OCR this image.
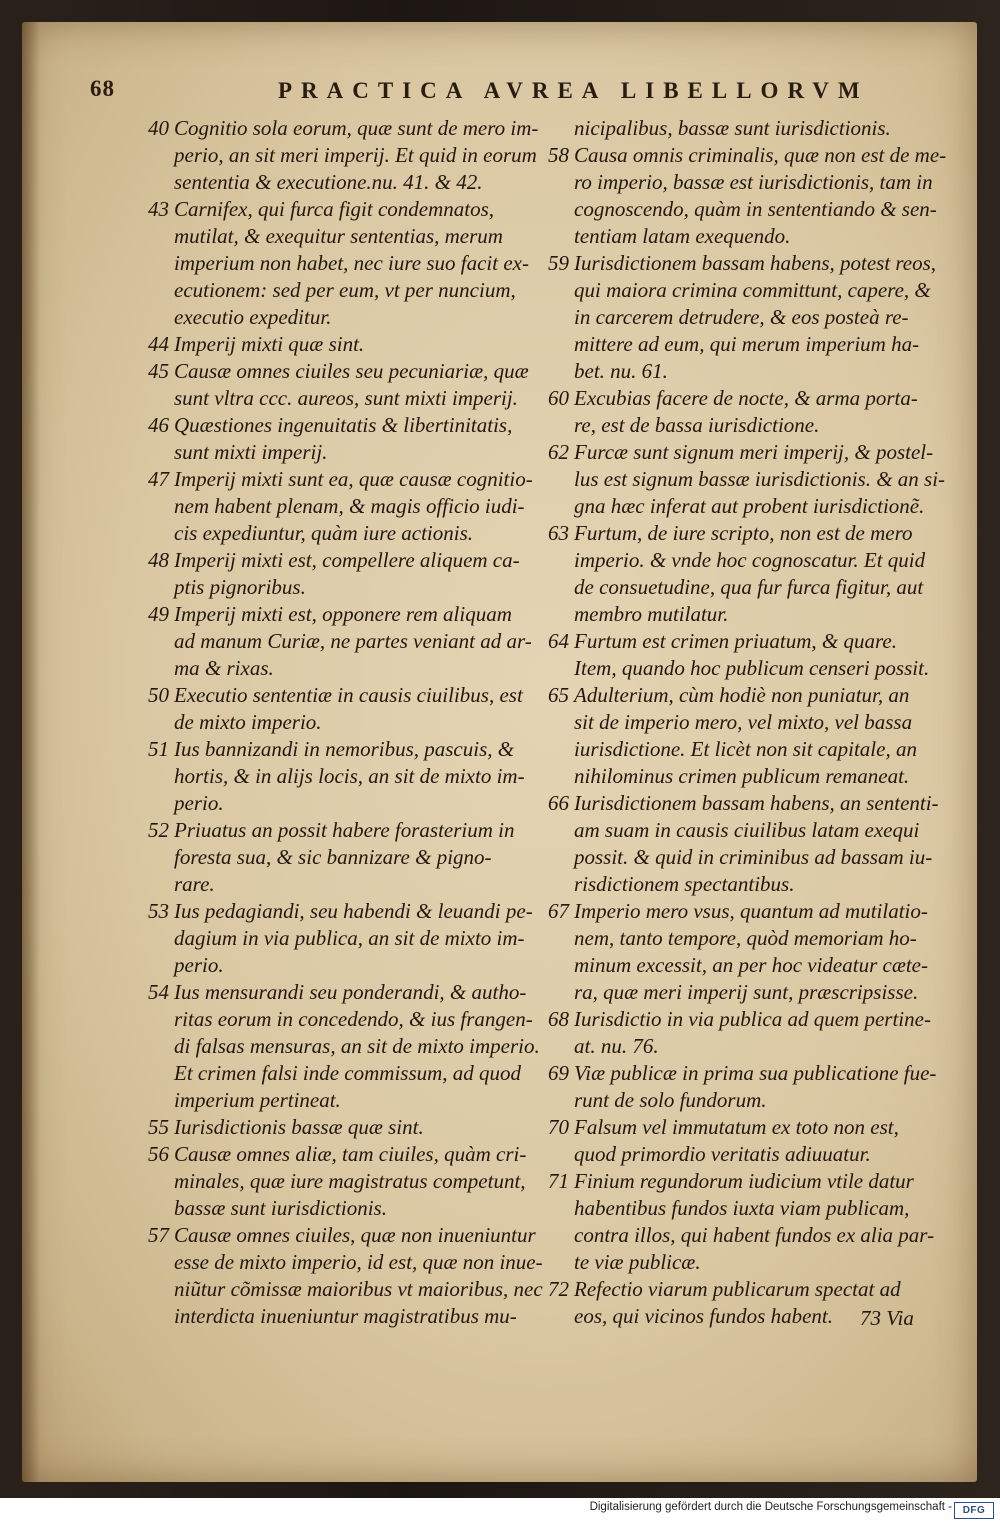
68	PRACTICA AVREA LIBELLORVM
40 Cognitio sola eorum, quæ sunt de mero im-
perio, an sit meri imperij. Et quid in eorum
sententia & executione.nu. 41. & 42.
43 Carnifex, qui furca figit condemnatos,
mutilat, & exequitur sententias, merum
imperium non habet, nec iure suo facit ex-
ecutionem: sed per eum, vt per nuncium,
executio expeditur.
44 Imperij mixti quæ sint.
45 Causæ omnes ciuiles seu pecuniariæ, quæ
sunt vltra ccc. aureos, sunt mixti imperij.
46 Quæstiones ingenuitatis & libertinitatis,
sunt mixti imperij.
47 Imperij mixti sunt ea, quæ causæ cognitio-
nem habent plenam, & magis officio iudi-
cis expediuntur, quàm iure actionis.
48 Imperij mixti est, compellere aliquem ca-
ptis pignoribus.
49 Imperij mixti est, opponere rem aliquam
ad manum Curiæ, ne partes veniant ad ar-
ma & rixas.
50 Executio sententiæ in causis ciuilibus, est
de mixto imperio.
51 Ius bannizandi in nemoribus, pascuis, &
hortis, & in alijs locis, an sit de mixto im-
perio.
52 Priuatus an possit habere forasterium in
foresta sua, & sic bannizare & pigno-
rare.
53 Ius pedagiandi, seu habendi & leuandi pe-
dagium in via publica, an sit de mixto im-
perio.
54 Ius mensurandi seu ponderandi, & autho-
ritas eorum in concedendo, & ius frangen-
di falsas mensuras, an sit de mixto imperio.
Et crimen falsi inde commissum, ad quod
imperium pertineat.
55 Iurisdictionis bassæ quæ sint.
56 Causæ omnes aliæ, tam ciuiles, quàm cri-
minales, quæ iure magistratus competunt,
bassæ sunt iurisdictionis.
57 Causæ omnes ciuiles, quæ non inueniuntur
esse de mixto imperio, id est, quæ non inue-
niũtur cõmissæ maioribus vt maioribus, nec
interdicta inueniuntur magistratibus mu-
nicipalibus, bassæ sunt iurisdictionis.
58 Causa omnis criminalis, quæ non est de me-
ro imperio, bassæ est iurisdictionis, tam in
cognoscendo, quàm in sententiando & sen-
tentiam latam exequendo.
59 Iurisdictionem bassam habens, potest reos,
qui maiora crimina committunt, capere, &
in carcerem detrudere, & eos posteà re-
mittere ad eum, qui merum imperium ha-
bet. nu. 61.
60 Excubias facere de nocte, & arma porta-
re, est de bassa iurisdictione.
62 Furcæ sunt signum meri imperij, & postel-
lus est signum bassæ iurisdictionis. & an si-
gna hæc inferat aut probent iurisdictionẽ.
63 Furtum, de iure scripto, non est de mero
imperio. & vnde hoc cognoscatur. Et quid
de consuetudine, qua fur furca figitur, aut
membro mutilatur.
64 Furtum est crimen priuatum, & quare.
Item, quando hoc publicum censeri possit.
65 Adulterium, cùm hodiè non puniatur, an
sit de imperio mero, vel mixto, vel bassa
iurisdictione. Et licèt non sit capitale, an
nihilominus crimen publicum remaneat.
66 Iurisdictionem bassam habens, an sententi-
am suam in causis ciuilibus latam exequi
possit. & quid in criminibus ad bassam iu-
risdictionem spectantibus.
67 Imperio mero vsus, quantum ad mutilatio-
nem, tanto tempore, quòd memoriam ho-
minum excessit, an per hoc videatur cæte-
ra, quæ meri imperij sunt, præscripsisse.
68 Iurisdictio in via publica ad quem pertine-
at. nu. 76.
69 Viæ publicæ in prima sua publicatione fue-
runt de solo fundorum.
70 Falsum vel immutatum ex toto non est,
quod primordio veritatis adiuuatur.
71 Finium regundorum iudicium vtile datur
habentibus fundos iuxta viam publicam,
contra illos, qui habent fundos ex alia par-
te viæ publicæ.
72 Refectio viarum publicarum spectat ad
eos, qui vicinos fundos habent.	73 Via
Digitalisierung gefördert durch die Deutsche Forschungsgemeinschaft -	DFG
